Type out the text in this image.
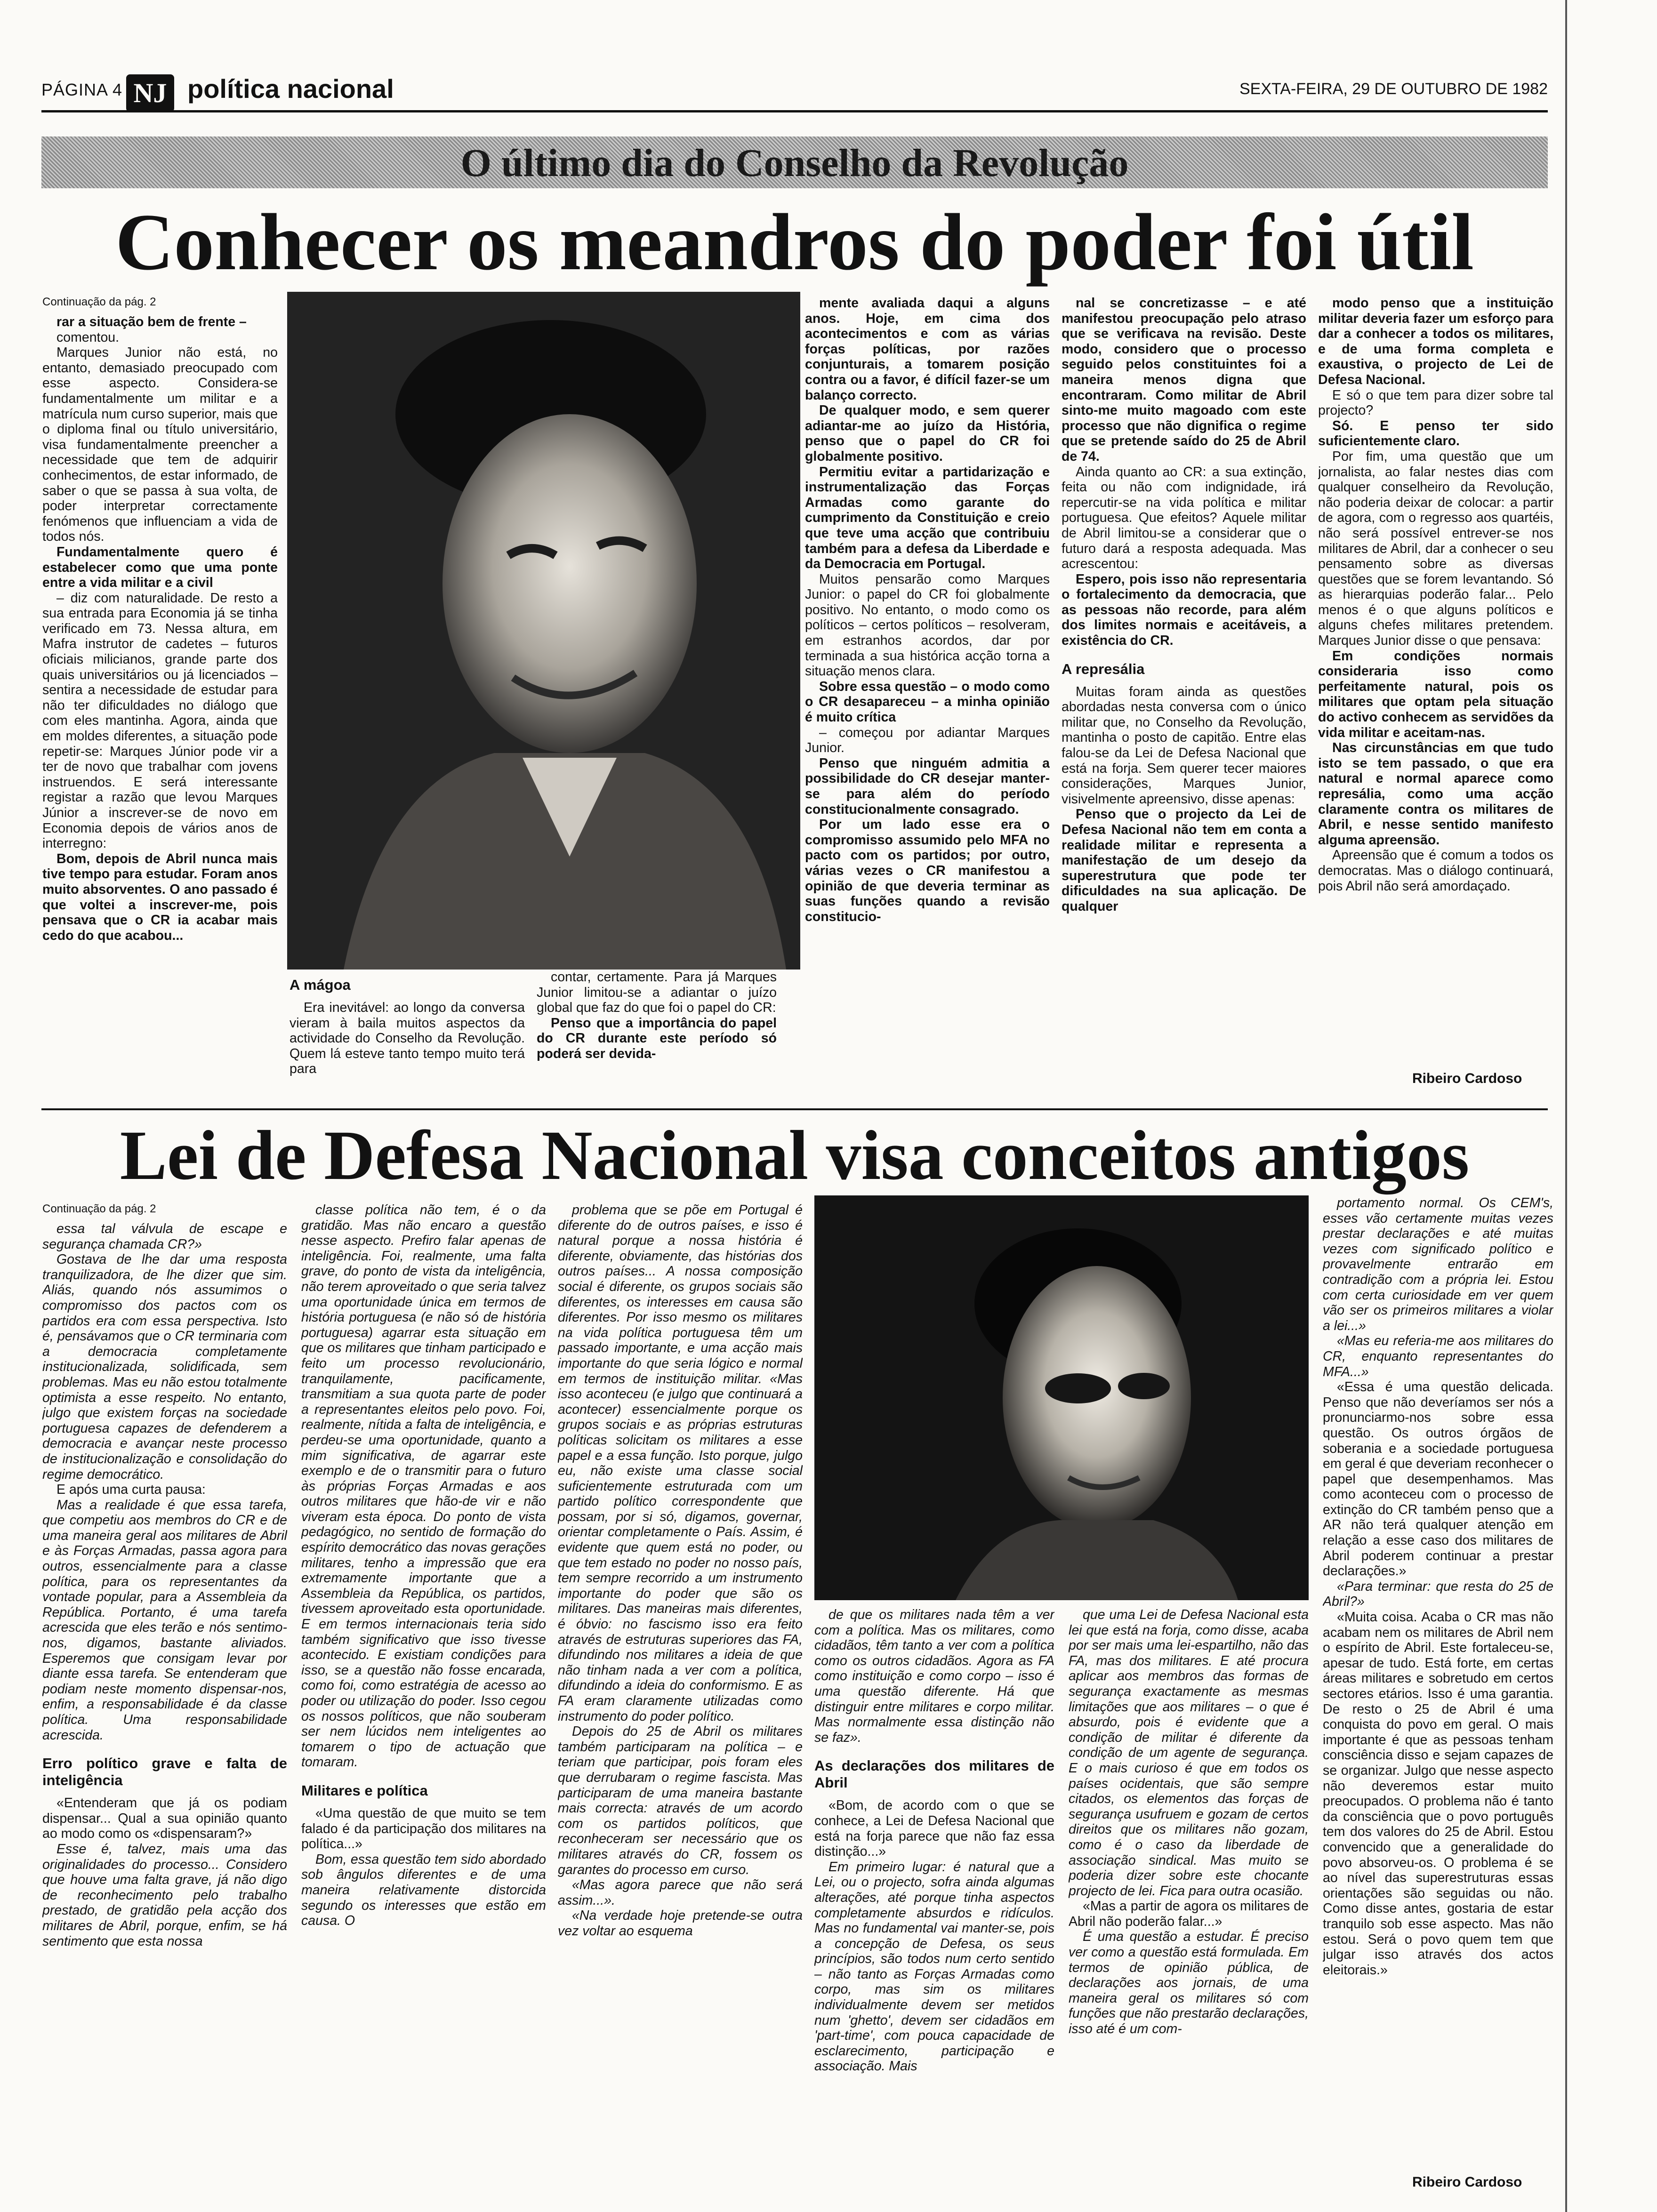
PÁGINA 4 NJ política nacional	SEXTA-FEIRA, 29 DE OUTUBRO DE 1982
O último dia do Conselho da Revolução
Conhecer os meandros do poder foi útil
Continuação da pág. 2

rar a situação bem de frente –

comentou.

Marques Junior não está, no entanto, demasiado preocupado com esse aspecto. Considera-se fundamentalmente um militar e a matrícula num curso superior, mais que o diploma final ou título universitário, visa fundamentalmente preencher a necessidade que tem de adquirir conhecimentos, de estar informado, de saber o que se passa à sua volta, de poder interpretar correctamente fenómenos que influenciam a vida de todos nós.

Fundamentalmente quero é estabelecer como que uma ponte entre a vida militar e a civil

– diz com naturalidade. De resto a sua entrada para Economia já se tinha verificado em 73. Nessa altura, em Mafra instrutor de cadetes – futuros oficiais milicianos, grande parte dos quais universitários ou já licenciados – sentira a necessidade de estudar para não ter dificuldades no diálogo que com eles mantinha. Agora, ainda que em moldes diferentes, a situação pode repetir-se: Marques Júnior pode vir a ter de novo que trabalhar com jovens instruendos. E será interessante registar a razão que levou Marques Júnior a inscrever-se de novo em Economia depois de vários anos de interregno:

Bom, depois de Abril nunca mais tive tempo para estudar. Foram anos muito absorventes. O ano passado é que voltei a inscrever-me, pois pensava que o CR ia acabar mais cedo do que acabou...

A mágoa

Era inevitável: ao longo da conversa vieram à baila muitos aspectos da actividade do Conselho da Revolução. Quem lá esteve tanto tempo muito terá para

contar, certamente. Para já Marques Junior limitou-se a adiantar o juízo global que faz do que foi o papel do CR:

Penso que a importância do papel do CR durante este período só poderá ser devida-

mente avaliada daqui a alguns anos. Hoje, em cima dos acontecimentos e com as várias forças políticas, por razões conjunturais, a tomarem posição contra ou a favor, é difícil fazer-se um balanço correcto.

De qualquer modo, e sem querer adiantar-me ao juízo da História, penso que o papel do CR foi globalmente positivo.

Permitiu evitar a partidarização e instrumentalização das Forças Armadas como garante do cumprimento da Constituição e creio que teve uma acção que contribuiu também para a defesa da Liberdade e da Democracia em Portugal.

Muitos pensarão como Marques Junior: o papel do CR foi globalmente positivo. No entanto, o modo como os políticos – certos políticos – resolveram, em estranhos acordos, dar por terminada a sua histórica acção torna a situação menos clara.

Sobre essa questão – o modo como o CR desapareceu – a minha opinião é muito crítica

– começou por adiantar Marques Junior.

Penso que ninguém admitia a possibilidade do CR desejar manter-se para além do período constitucionalmente consagrado.

Por um lado esse era o compromisso assumido pelo MFA no pacto com os partidos; por outro, várias vezes o CR manifestou a opinião de que deveria terminar as suas funções quando a revisão constitucio-

nal se concretizasse – e até manifestou preocupação pelo atraso que se verificava na revisão. Deste modo, considero que o processo seguido pelos constituintes foi a maneira menos digna que encontraram. Como militar de Abril sinto-me muito magoado com este processo que não dignifica o regime que se pretende saído do 25 de Abril de 74.

Ainda quanto ao CR: a sua extinção, feita ou não com indignidade, irá repercutir-se na vida política e militar portuguesa. Que efeitos? Aquele militar de Abril limitou-se a considerar que o futuro dará a resposta adequada. Mas acrescentou:

Espero, pois isso não representaria o fortalecimento da democracia, que as pessoas não recorde, para além dos limites normais e aceitáveis, a existência do CR.

A represália

Muitas foram ainda as questões abordadas nesta conversa com o único militar que, no Conselho da Revolução, mantinha o posto de capitão. Entre elas falou-se da Lei de Defesa Nacional que está na forja. Sem querer tecer maiores considerações, Marques Junior, visivelmente apreensivo, disse apenas:

Penso que o projecto da Lei de Defesa Nacional não tem em conta a realidade militar e representa a manifestação de um desejo da superestrutura que pode ter dificuldades na sua aplicação. De qualquer

modo penso que a instituição militar deveria fazer um esforço para dar a conhecer a todos os militares, e de uma forma completa e exaustiva, o projecto de Lei de Defesa Nacional.

E só o que tem para dizer sobre tal projecto?

Só. E penso ter sido suficientemente claro.

Por fim, uma questão que um jornalista, ao falar nestes dias com qualquer conselheiro da Revolução, não poderia deixar de colocar: a partir de agora, com o regresso aos quartéis, não será possível entrever-se nos militares de Abril, dar a conhecer o seu pensamento sobre as diversas questões que se forem levantando. Só as hierarquias poderão falar... Pelo menos é o que alguns políticos e alguns chefes militares pretendem. Marques Junior disse o que pensava:

Em condições normais consideraria isso como perfeitamente natural, pois os militares que optam pela situação do activo conhecem as servidões da vida militar e aceitam-nas.

Nas circunstâncias em que tudo isto se tem passado, o que era natural e normal aparece como represália, como uma acção claramente contra os militares de Abril, e nesse sentido manifesto alguma apreensão.

Apreensão que é comum a todos os democratas. Mas o diálogo continuará, pois Abril não será amordaçado.

Ribeiro Cardoso
Lei de Defesa Nacional visa conceitos antigos
Continuação da pág. 2

essa tal válvula de escape e segurança chamada CR?»

Gostava de lhe dar uma resposta tranquilizadora, de lhe dizer que sim. Aliás, quando nós assumimos o compromisso dos pactos com os partidos era com essa perspectiva. Isto é, pensávamos que o CR terminaria com a democracia completamente institucionalizada, solidificada, sem problemas. Mas eu não estou totalmente optimista a esse respeito. No entanto, julgo que existem forças na sociedade portuguesa capazes de defenderem a democracia e avançar neste processo de institucionalização e consolidação do regime democrático.

E após uma curta pausa:

Mas a realidade é que essa tarefa, que competiu aos membros do CR e de uma maneira geral aos militares de Abril e às Forças Armadas, passa agora para outros, essencialmente para a classe política, para os representantes da vontade popular, para a Assembleia da República. Portanto, é uma tarefa acrescida que eles terão e nós sentimo-nos, digamos, bastante aliviados. Esperemos que consigam levar por diante essa tarefa. Se entenderam que podiam neste momento dispensar-nos, enfim, a responsabilidade é da classe política. Uma responsabilidade acrescida.

Erro político grave e falta de inteligência

«Entenderam que já os podiam dispensar... Qual a sua opinião quanto ao modo como os «dispensaram?»

Esse é, talvez, mais uma das originalidades do processo... Considero que houve uma falta grave, já não digo de reconhecimento pelo trabalho prestado, de gratidão pela acção dos militares de Abril, porque, enfim, se há sentimento que esta nossa

classe política não tem, é o da gratidão. Mas não encaro a questão nesse aspecto. Prefiro falar apenas de inteligência. Foi, realmente, uma falta grave, do ponto de vista da inteligência, não terem aproveitado o que seria talvez uma oportunidade única em termos de história portuguesa (e não só de história portuguesa) agarrar esta situação em que os militares que tinham participado e feito um processo revolucionário, tranquilamente, pacificamente, transmitiam a sua quota parte de poder a representantes eleitos pelo povo. Foi, realmente, nítida a falta de inteligência, e perdeu-se uma oportunidade, quanto a mim significativa, de agarrar este exemplo e de o transmitir para o futuro às próprias Forças Armadas e aos outros militares que hão-de vir e não viveram esta época. Do ponto de vista pedagógico, no sentido de formação do espírito democrático das novas gerações militares, tenho a impressão que era extremamente importante que a Assembleia da República, os partidos, tivessem aproveitado esta oportunidade. E em termos internacionais teria sido também significativo que isso tivesse acontecido. E existiam condições para isso, se a questão não fosse encarada, como foi, como estratégia de acesso ao poder ou utilização do poder. Isso cegou os nossos políticos, que não souberam ser nem lúcidos nem inteligentes ao tomarem o tipo de actuação que tomaram.

Militares e política

«Uma questão de que muito se tem falado é da participação dos militares na política...»

Bom, essa questão tem sido abordado sob ângulos diferentes e de uma maneira relativamente distorcida segundo os interesses que estão em causa. O

problema que se põe em Portugal é diferente do de outros países, e isso é natural porque a nossa história é diferente, obviamente, das histórias dos outros países... A nossa composição social é diferente, os grupos sociais são diferentes, os interesses em causa são diferentes. Por isso mesmo os militares na vida política portuguesa têm um passado importante, e uma acção mais importante do que seria lógico e normal em termos de instituição militar. «Mas isso aconteceu (e julgo que continuará a acontecer) essencialmente porque os grupos sociais e as próprias estruturas políticas solicitam os militares a esse papel e a essa função. Isto porque, julgo eu, não existe uma classe social suficientemente estruturada com um partido político correspondente que possam, por si só, digamos, governar, orientar completamente o País. Assim, é evidente que quem está no poder, ou que tem estado no poder no nosso país, tem sempre recorrido a um instrumento importante do poder que são os militares. Das maneiras mais diferentes, é óbvio: no fascismo isso era feito através de estruturas superiores das FA, difundindo nos militares a ideia de que não tinham nada a ver com a política, difundindo a ideia do conformismo. E as FA eram claramente utilizadas como instrumento do poder político.

Depois do 25 de Abril os militares também participaram na política – e teriam que participar, pois foram eles que derrubaram o regime fascista. Mas participaram de uma maneira bastante mais correcta: através de um acordo com os partidos políticos, que reconheceram ser necessário que os militares através do CR, fossem os garantes do processo em curso.

«Mas agora parece que não será assim...».

«Na verdade hoje pretende-se outra vez voltar ao esquema

de que os militares nada têm a ver com a política. Mas os militares, como cidadãos, têm tanto a ver com a política como os outros cidadãos. Agora as FA como instituição e como corpo – isso é uma questão diferente. Há que distinguir entre militares e corpo militar. Mas normalmente essa distinção não se faz».

As declarações dos militares de Abril

«Bom, de acordo com o que se conhece, a Lei de Defesa Nacional que está na forja parece que não faz essa distinção...»

Em primeiro lugar: é natural que a Lei, ou o projecto, sofra ainda algumas alterações, até porque tinha aspectos completamente absurdos e ridículos. Mas no fundamental vai manter-se, pois a concepção de Defesa, os seus princípios, são todos num certo sentido – não tanto as Forças Armadas como corpo, mas sim os militares individualmente devem ser metidos num 'ghetto', devem ser cidadãos em 'part-time', com pouca capacidade de esclarecimento, participação e associação. Mais

que uma Lei de Defesa Nacional esta lei que está na forja, como disse, acaba por ser mais uma lei-espartilho, não das FA, mas dos militares. E até procura aplicar aos membros das formas de segurança exactamente as mesmas limitações que aos militares – o que é absurdo, pois é evidente que a condição de militar é diferente da condição de um agente de segurança. E o mais curioso é que em todos os países ocidentais, que são sempre citados, os elementos das forças de segurança usufruem e gozam de certos direitos que os militares não gozam, como é o caso da liberdade de associação sindical. Mas muito se poderia dizer sobre este chocante projecto de lei. Fica para outra ocasião.

«Mas a partir de agora os militares de Abril não poderão falar...»

É uma questão a estudar. É preciso ver como a questão está formulada. Em termos de opinião pública, de declarações aos jornais, de uma maneira geral os militares só com funções que não prestarão declarações, isso até é um com-

portamento normal. Os CEM's, esses vão certamente muitas vezes prestar declarações e até muitas vezes com significado político e provavelmente entrarão em contradição com a própria lei. Estou com certa curiosidade em ver quem vão ser os primeiros militares a violar a lei...»

«Mas eu referia-me aos militares do CR, enquanto representantes do MFA...»

«Essa é uma questão delicada. Penso que não deveríamos ser nós a pronunciarmo-nos sobre essa questão. Os outros órgãos de soberania e a sociedade portuguesa em geral é que deveriam reconhecer o papel que desempenhamos. Mas como aconteceu com o processo de extinção do CR também penso que a AR não terá qualquer atenção em relação a esse caso dos militares de Abril poderem continuar a prestar declarações.»

«Para terminar: que resta do 25 de Abril?»

«Muita coisa. Acaba o CR mas não acabam nem os militares de Abril nem o espírito de Abril. Este fortaleceu-se, apesar de tudo. Está forte, em certas áreas militares e sobretudo em certos sectores etários. Isso é uma garantia. De resto o 25 de Abril é uma conquista do povo em geral. O mais importante é que as pessoas tenham consciência disso e sejam capazes de se organizar. Julgo que nesse aspecto não deveremos estar muito preocupados. O problema não é tanto da consciência que o povo português tem dos valores do 25 de Abril. Estou convencido que a generalidade do povo absorveu-os. O problema é se ao nível das superestruturas essas orientações são seguidas ou não. Como disse antes, gostaria de estar tranquilo sob esse aspecto. Mas não estou. Será o povo quem tem que julgar isso através dos actos eleitorais.»

Ribeiro Cardoso
